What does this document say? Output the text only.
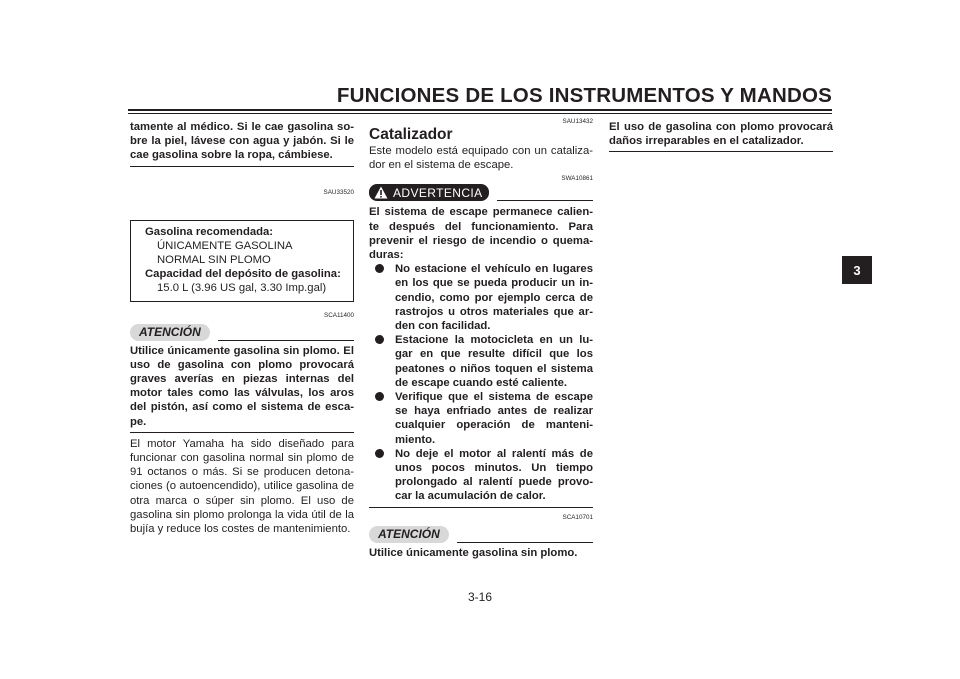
FUNCIONES DE LOS INSTRUMENTOS Y MANDOS
3

tamente al médico. Si le cae gasolina so-bre la piel, lávese con agua y jabón. Si le cae gasolina sobre la ropa, cámbiese.

SAU33520
Gasolina recomendada:
ÚNICAMENTE GASOLINA
NORMAL SIN PLOMO
Capacidad del depósito de gasolina:
15.0 L (3.96 US gal, 3.30 Imp.gal)
SCA11400
ATENCIÓN

Utilice únicamente gasolina sin plomo. El uso de gasolina con plomo provocará graves averías en piezas internas del motor tales como las válvulas, los aros del pistón, así como el sistema de esca-pe.

El motor Yamaha ha sido diseñado para funcionar con gasolina normal sin plomo de 91 octanos o más. Si se producen detona-ciones (o autoencendido), utilice gasolina de otra marca o súper sin plomo. El uso de gasolina sin plomo prolonga la vida útil de la bujía y reduce los costes de mantenimiento.

SAU13432
Catalizador

Este modelo está equipado con un cataliza-dor en el sistema de escape.

SWA10861
ADVERTENCIA

El sistema de escape permanece calien-te después del funcionamiento. Para prevenir el riesgo de incendio o quema-duras:

No estacione el vehículo en lugares en los que se pueda producir un in-cendio, como por ejemplo cerca de rastrojos u otros materiales que ar-den con facilidad.
Estacione la motocicleta en un lu-gar en que resulte difícil que los peatones o niños toquen el sistema de escape cuando esté caliente.
Verifique que el sistema de escape se haya enfriado antes de realizar cualquier operación de manteni-miento.
No deje el motor al ralentí más de unos pocos minutos. Un tiempo prolongado al ralentí puede provo-car la acumulación de calor.
SCA10701
ATENCIÓN

Utilice únicamente gasolina sin plomo.

El uso de gasolina con plomo provocará daños irreparables en el catalizador.

3-16
